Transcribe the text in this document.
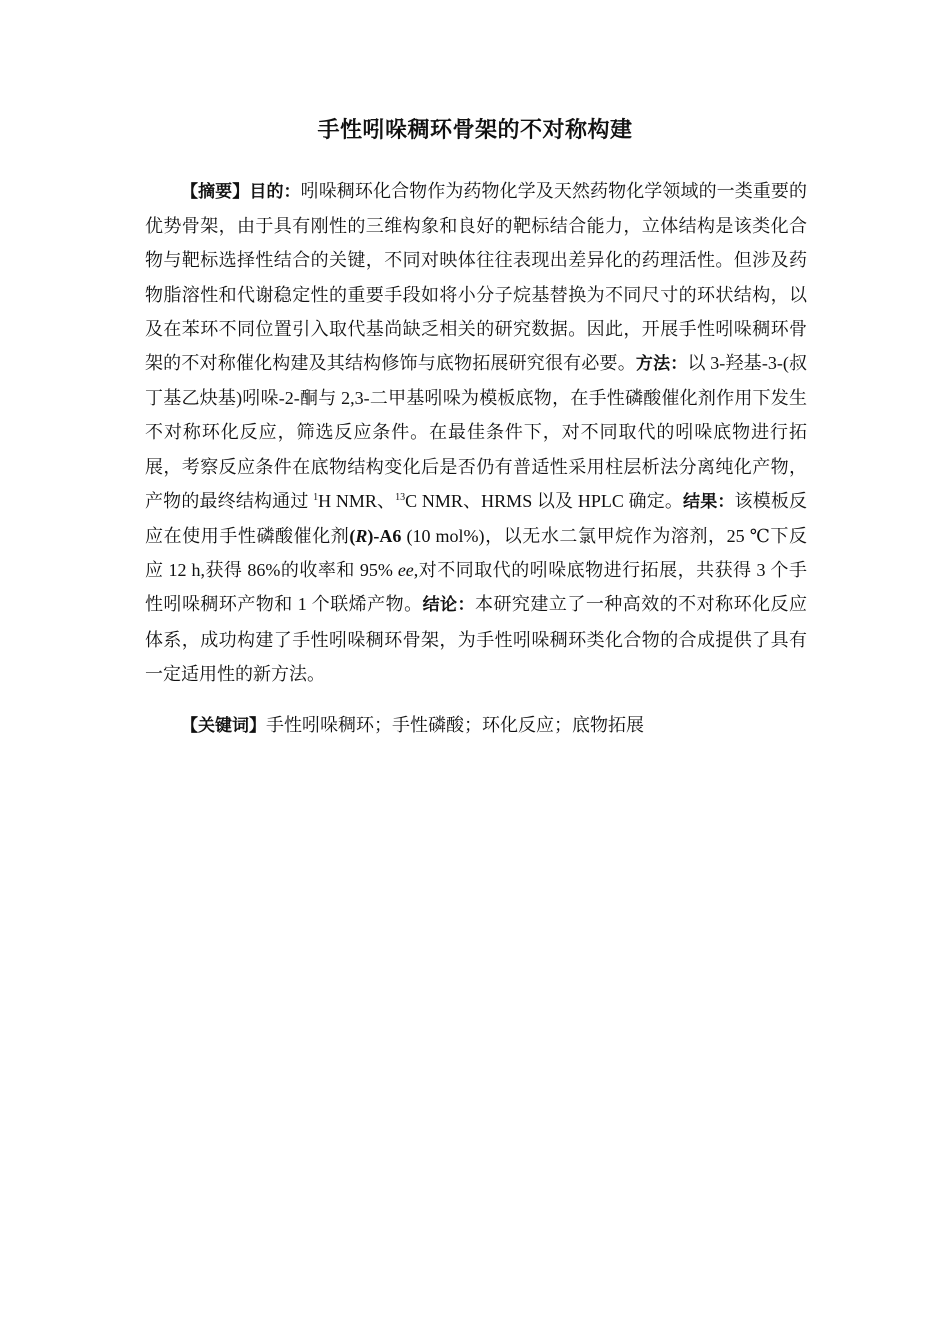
手性吲哚稠环骨架的不对称构建

【摘要】目的：吲哚稠环化合物作为药物化学及天然药物化学领域的一类重要的优势骨架，由于具有刚性的三维构象和良好的靶标结合能力，立体结构是该类化合物与靶标选择性结合的关键，不同对映体往往表现出差异化的药理活性。但涉及药物脂溶性和代谢稳定性的重要手段如将小分子烷基替换为不同尺寸的环状结构，以及在苯环不同位置引入取代基尚缺乏相关的研究数据。因此，开展手性吲哚稠环骨架的不对称催化构建及其结构修饰与底物拓展研究很有必要。方法：以 3-羟基-3-(叔丁基乙炔基)吲哚-2-酮与 2,3-二甲基吲哚为模板底物，在手性磷酸催化剂作用下发生不对称环化反应，筛选反应条件。在最佳条件下，对不同取代的吲哚底物进行拓展，考察反应条件在底物结构变化后是否仍有普适性采用柱层析法分离纯化产物，产物的最终结构通过 $^1$H NMR、$^{13}$C NMR、HRMS 以及 HPLC 确定。结果：该模板反应在使用手性磷酸催化剂(R)-A6 (10 mol%)，以无水二氯甲烷作为溶剂，25 ℃下反应 12 h,获得 86%的收率和 95% ee,对不同取代的吲哚底物进行拓展，共获得 3 个手性吲哚稠环产物和 1 个联烯产物。结论：本研究建立了一种高效的不对称环化反应体系，成功构建了手性吲哚稠环骨架，为手性吲哚稠环类化合物的合成提供了具有一定适用性的新方法。

【关键词】手性吲哚稠环；手性磷酸；环化反应；底物拓展
